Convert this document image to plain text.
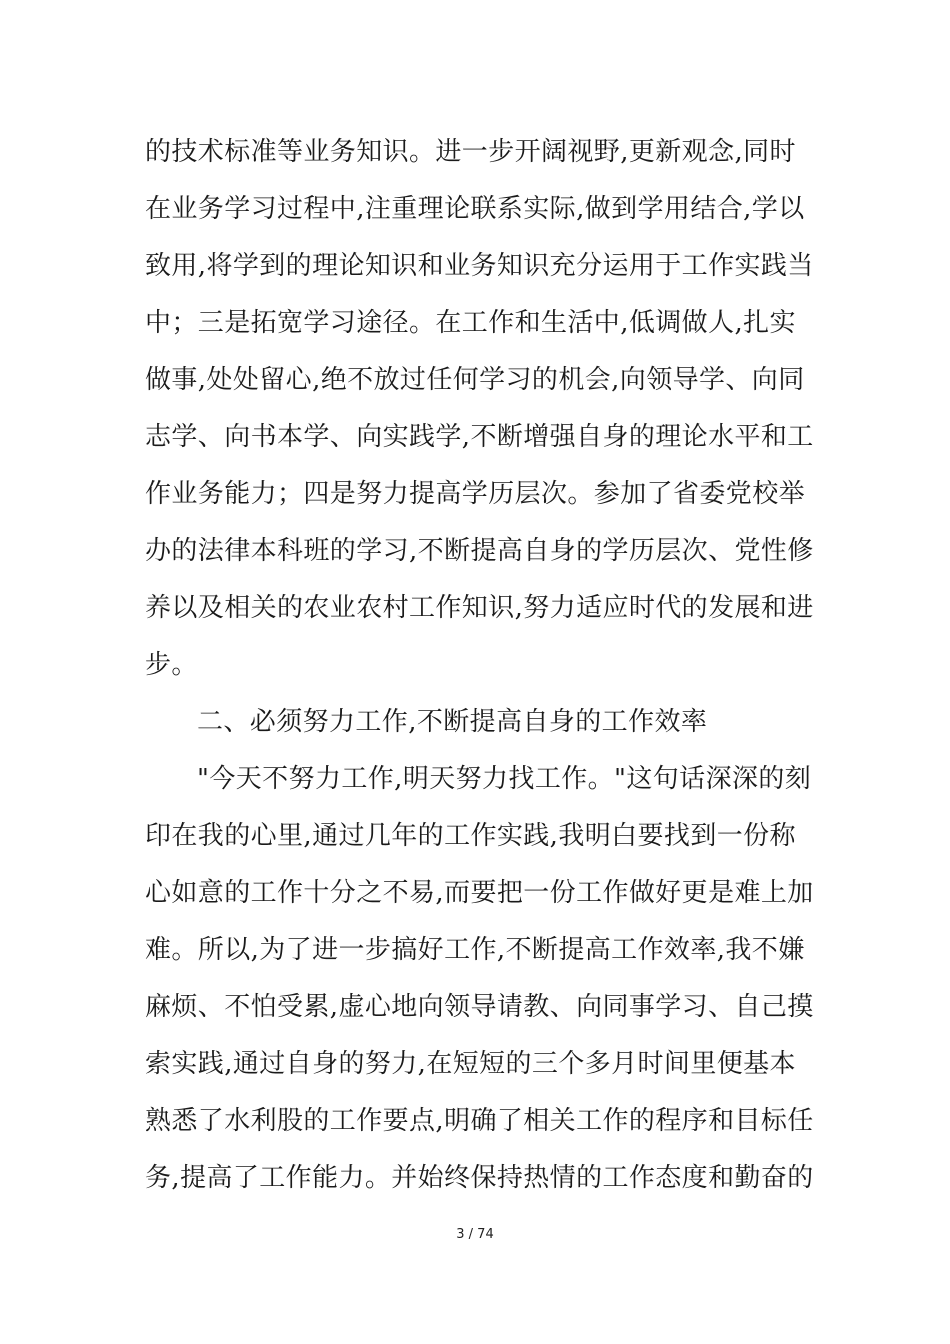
的技术标准等业务知识。进一步开阔视野,更新观念,同时
在业务学习过程中,注重理论联系实际,做到学用结合,学以
致用,将学到的理论知识和业务知识充分运用于工作实践当
中；三是拓宽学习途径。在工作和生活中,低调做人,扎实
做事,处处留心,绝不放过任何学习的机会,向领导学、向同
志学、向书本学、向实践学,不断增强自身的理论水平和工
作业务能力；四是努力提高学历层次。参加了省委党校举
办的法律本科班的学习,不断提高自身的学历层次、党性修
养以及相关的农业农村工作知识,努力适应时代的发展和进
步。
二、必须努力工作,不断提高自身的工作效率
"今天不努力工作,明天努力找工作。"这句话深深的刻
印在我的心里,通过几年的工作实践,我明白要找到一份称
心如意的工作十分之不易,而要把一份工作做好更是难上加
难。所以,为了进一步搞好工作,不断提高工作效率,我不嫌
麻烦、不怕受累,虚心地向领导请教、向同事学习、自己摸
索实践,通过自身的努力,在短短的三个多月时间里便基本
熟悉了水利股的工作要点,明确了相关工作的程序和目标任
务,提高了工作能力。并始终保持热情的工作态度和勤奋的
3 / 74
